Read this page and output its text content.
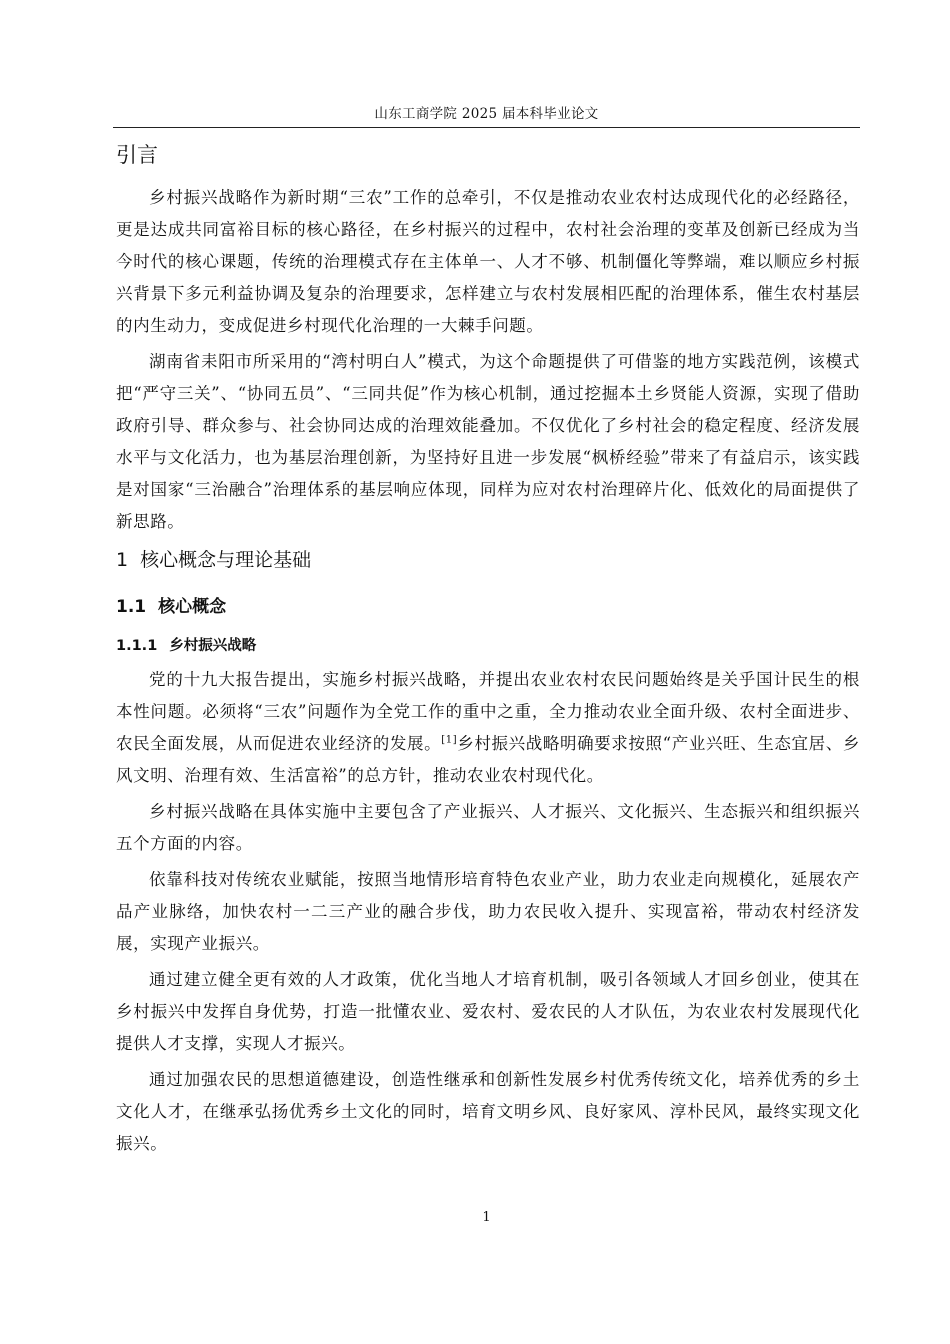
山东工商学院 2025 届本科毕业论文
引言

乡村振兴战略作为新时期“三农”工作的总牵引，不仅是推动农业农村达成现代化的必经路径，更是达成共同富裕目标的核心路径，在乡村振兴的过程中，农村社会治理的变革及创新已经成为当今时代的核心课题，传统的治理模式存在主体单一、人才不够、机制僵化等弊端，难以顺应乡村振兴背景下多元利益协调及复杂的治理要求，怎样建立与农村发展相匹配的治理体系，催生农村基层的内生动力，变成促进乡村现代化治理的一大棘手问题。

湖南省耒阳市所采用的“湾村明白人”模式，为这个命题提供了可借鉴的地方实践范例，该模式把“严守三关”、“协同五员”、“三同共促”作为核心机制，通过挖掘本土乡贤能人资源，实现了借助政府引导、群众参与、社会协同达成的治理效能叠加。不仅优化了乡村社会的稳定程度、经济发展水平与文化活力，也为基层治理创新，为坚持好且进一步发展“枫桥经验”带来了有益启示，该实践是对国家“三治融合”治理体系的基层响应体现，同样为应对农村治理碎片化、低效化的局面提供了新思路。

1 核心概念与理论基础
1.1 核心概念
1.1.1 乡村振兴战略

党的十九大报告提出，实施乡村振兴战略，并提出农业农村农民问题始终是关乎国计民生的根本性问题。必须将“三农”问题作为全党工作的重中之重，全力推动农业全面升级、农村全面进步、农民全面发展，从而促进农业经济的发展。[1]乡村振兴战略明确要求按照“产业兴旺、生态宜居、乡风文明、治理有效、生活富裕”的总方针，推动农业农村现代化。

乡村振兴战略在具体实施中主要包含了产业振兴、人才振兴、文化振兴、生态振兴和组织振兴五个方面的内容。

依靠科技对传统农业赋能，按照当地情形培育特色农业产业，助力农业走向规模化，延展农产品产业脉络，加快农村一二三产业的融合步伐，助力农民收入提升、实现富裕，带动农村经济发展，实现产业振兴。

通过建立健全更有效的人才政策，优化当地人才培育机制，吸引各领域人才回乡创业，使其在乡村振兴中发挥自身优势，打造一批懂农业、爱农村、爱农民的人才队伍，为农业农村发展现代化提供人才支撑，实现人才振兴。

通过加强农民的思想道德建设，创造性继承和创新性发展乡村优秀传统文化，培养优秀的乡土文化人才，在继承弘扬优秀乡土文化的同时，培育文明乡风、良好家风、淳朴民风，最终实现文化振兴。

1
